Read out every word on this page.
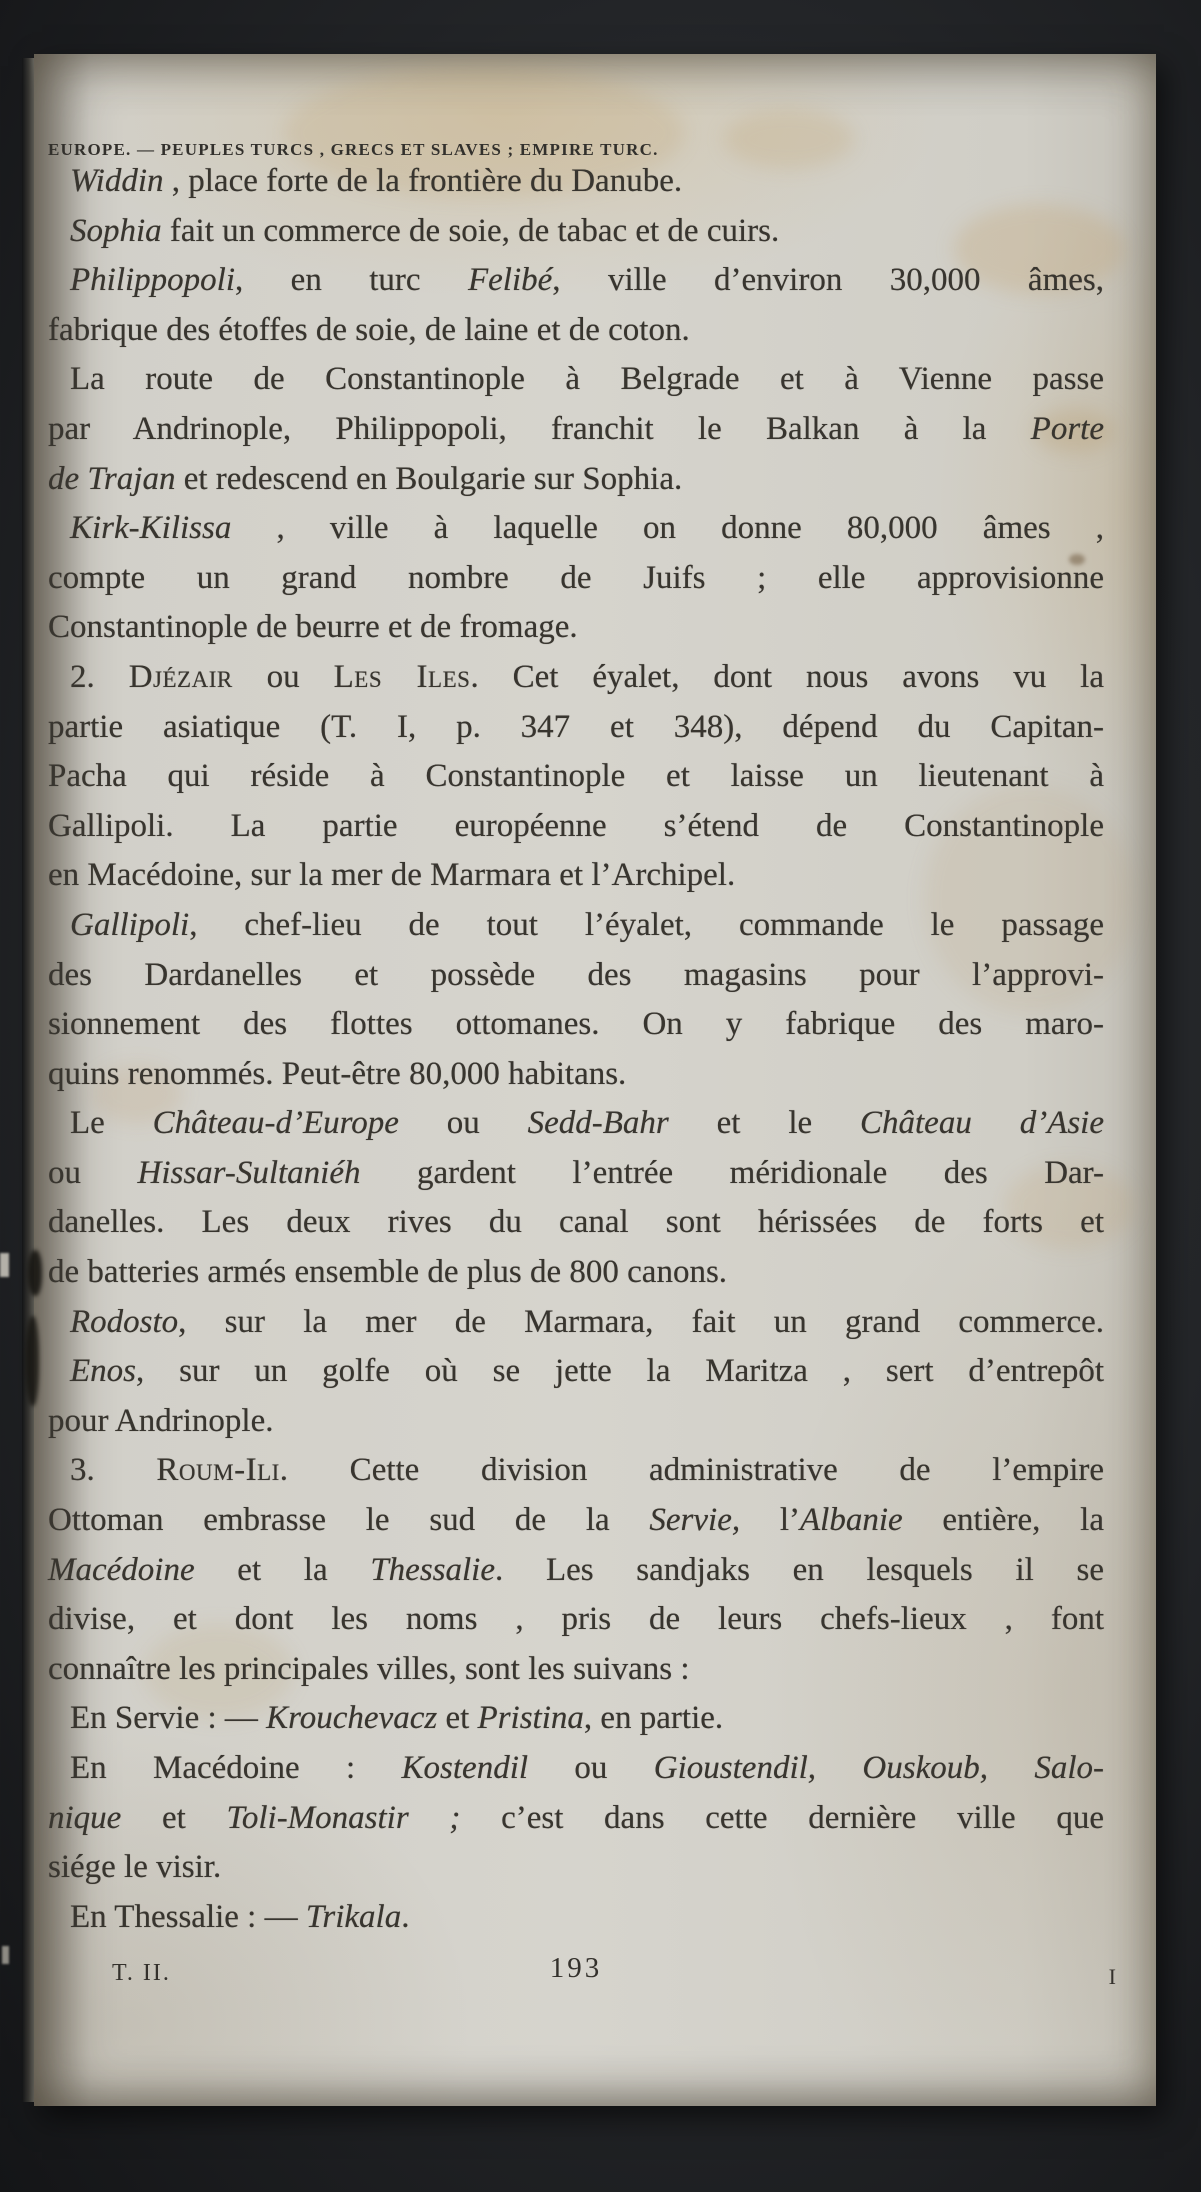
EUROPE. — PEUPLES TURCS , GRECS ET SLAVES ; EMPIRE TURC.

Widdin , place forte de la frontière du Danube.

Sophia fait un commerce de soie, de tabac et de cuirs.

Philippopoli, en turc Felibé, ville d’environ 30,000 âmes,
fabrique des étoffes de soie, de laine et de coton.

La route de Constantinople à Belgrade et à Vienne passe
par Andrinople, Philippopoli, franchit le Balkan à la Porte
de Trajan et redescend en Boulgarie sur Sophia.

Kirk-Kilissa , ville à laquelle on donne 80,000 âmes ,
compte un grand nombre de Juifs ; elle approvisionne
Constantinople de beurre et de fromage.

2. Djézair ou Les Iles. Cet éyalet, dont nous avons vu la
partie asiatique (T. I, p. 347 et 348), dépend du Capitan-
Pacha qui réside à Constantinople et laisse un lieutenant à
Gallipoli. La partie européenne s’étend de Constantinople
en Macédoine, sur la mer de Marmara et l’Archipel.

Gallipoli, chef-lieu de tout l’éyalet, commande le passage
des Dardanelles et possède des magasins pour l’approvi-
sionnement des flottes ottomanes. On y fabrique des maro-
quins renommés. Peut-être 80,000 habitans.

Le Château-d’Europe ou Sedd-Bahr et le Château d’Asie
ou Hissar-Sultaniéh gardent l’entrée méridionale des Dar-
danelles. Les deux rives du canal sont hérissées de forts et
de batteries armés ensemble de plus de 800 canons.

Rodosto, sur la mer de Marmara, fait un grand commerce.

Enos, sur un golfe où se jette la Maritza , sert d’entrepôt
pour Andrinople.

3. Roum-Ili. Cette division administrative de l’empire
Ottoman embrasse le sud de la Servie, l’Albanie entière, la
Macédoine et la Thessalie. Les sandjaks en lesquels il se
divise, et dont les noms , pris de leurs chefs-lieux , font
connaître les principales villes, sont les suivans :

En Servie : — Krouchevacz et Pristina, en partie.

En Macédoine : Kostendil ou Gioustendil, Ouskoub, Salo-
nique et Toli-Monastir ; c’est dans cette dernière ville que
siége le visir.

En Thessalie : — Trikala.

T. II.	193	I
